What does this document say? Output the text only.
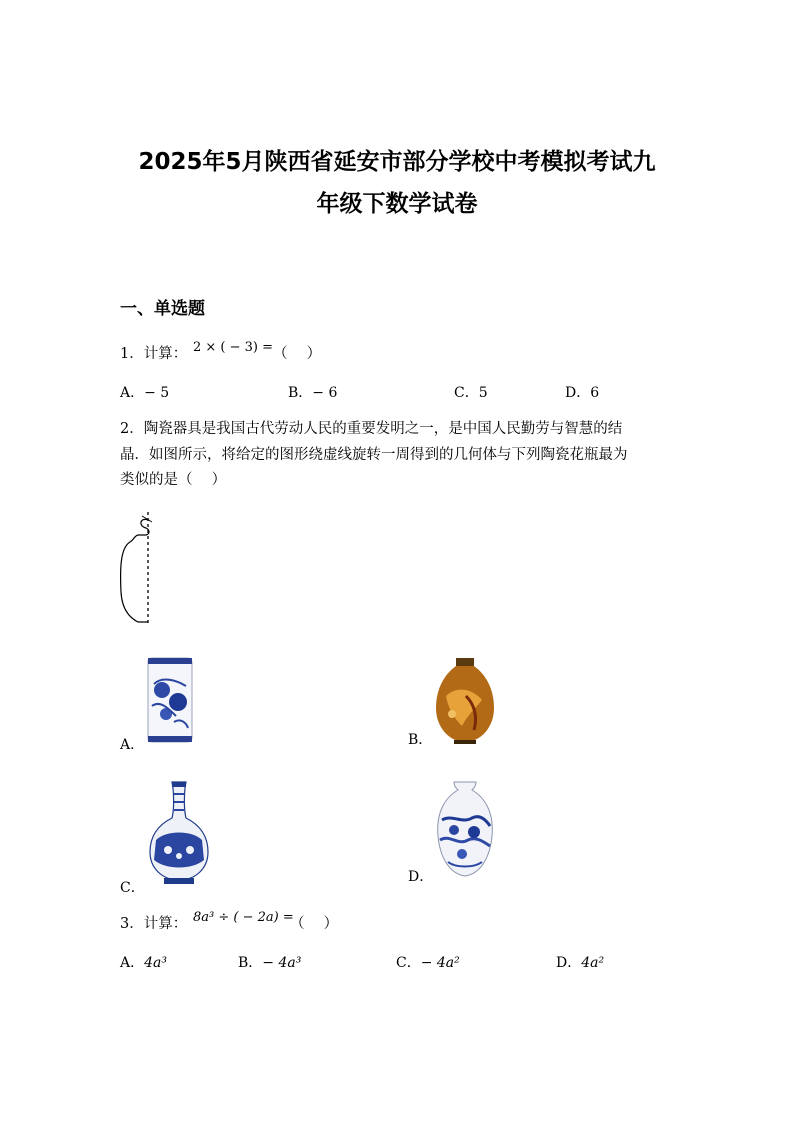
2025年5月陕西省延安市部分学校中考模拟考试九
年级下数学试卷
一、单选题
1．计算： 2 × ( − 3) = （　 ）
A．− 5	B．− 6	C．5	D．6
2．陶瓷器具是我国古代劳动人民的重要发明之一，是中国人民勤劳与智慧的结
晶．如图所示，将给定的图形绕虚线旋转一周得到的几何体与下列陶瓷花瓶最为
类似的是（　 ）
A．	B．
C．
D．
3．计算： 8a³ ÷ ( − 2a) =
（　 ）
A．4a³	B．− 4a³	C．− 4a²	D．4a²
